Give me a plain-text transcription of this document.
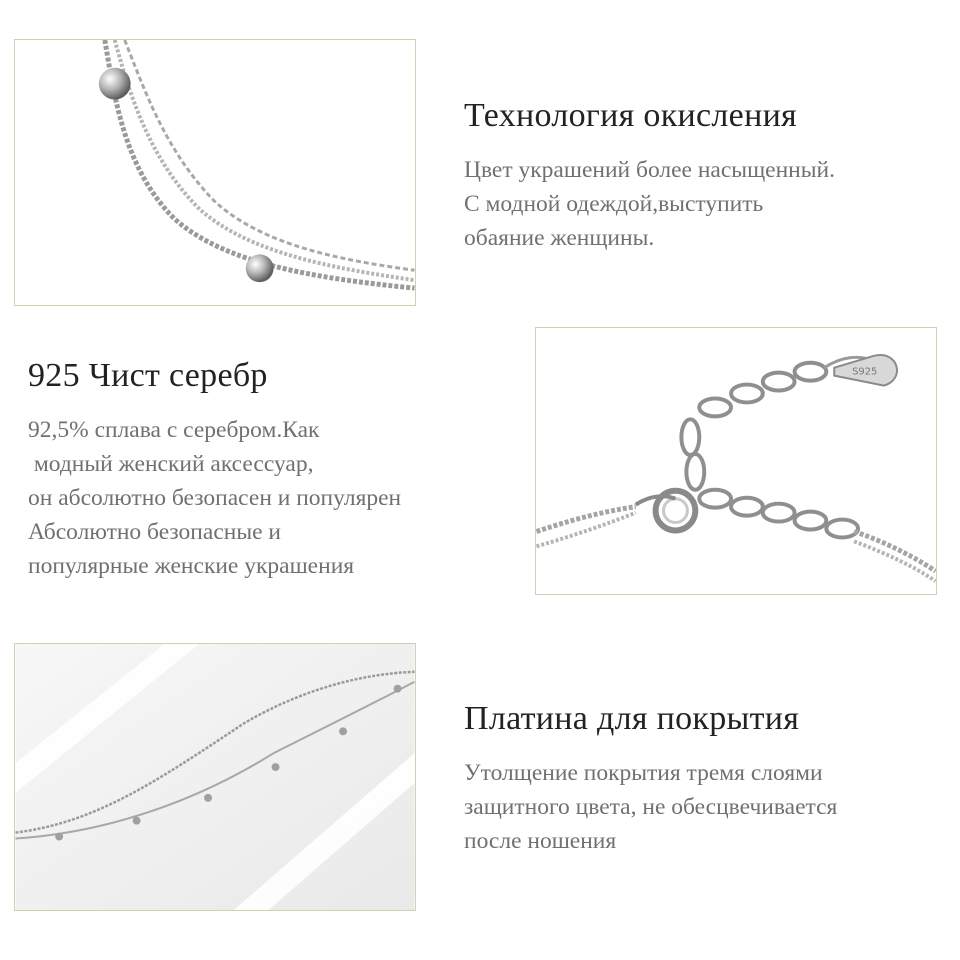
Технология окисления
Цвет украшений более насыщенный.
С модной одеждой,выступить
обаяние женщины.
925 Чист серебр
92,5% сплава с серебром.Как
модный женский аксессуар,
он абсолютно безопасен и популярен
Абсолютно безопасные и
популярные женские украшения
S925
Платина для покрытия
Утолщение покрытия тремя слоями
защитного цвета, не обесцвечивается
после ношения
